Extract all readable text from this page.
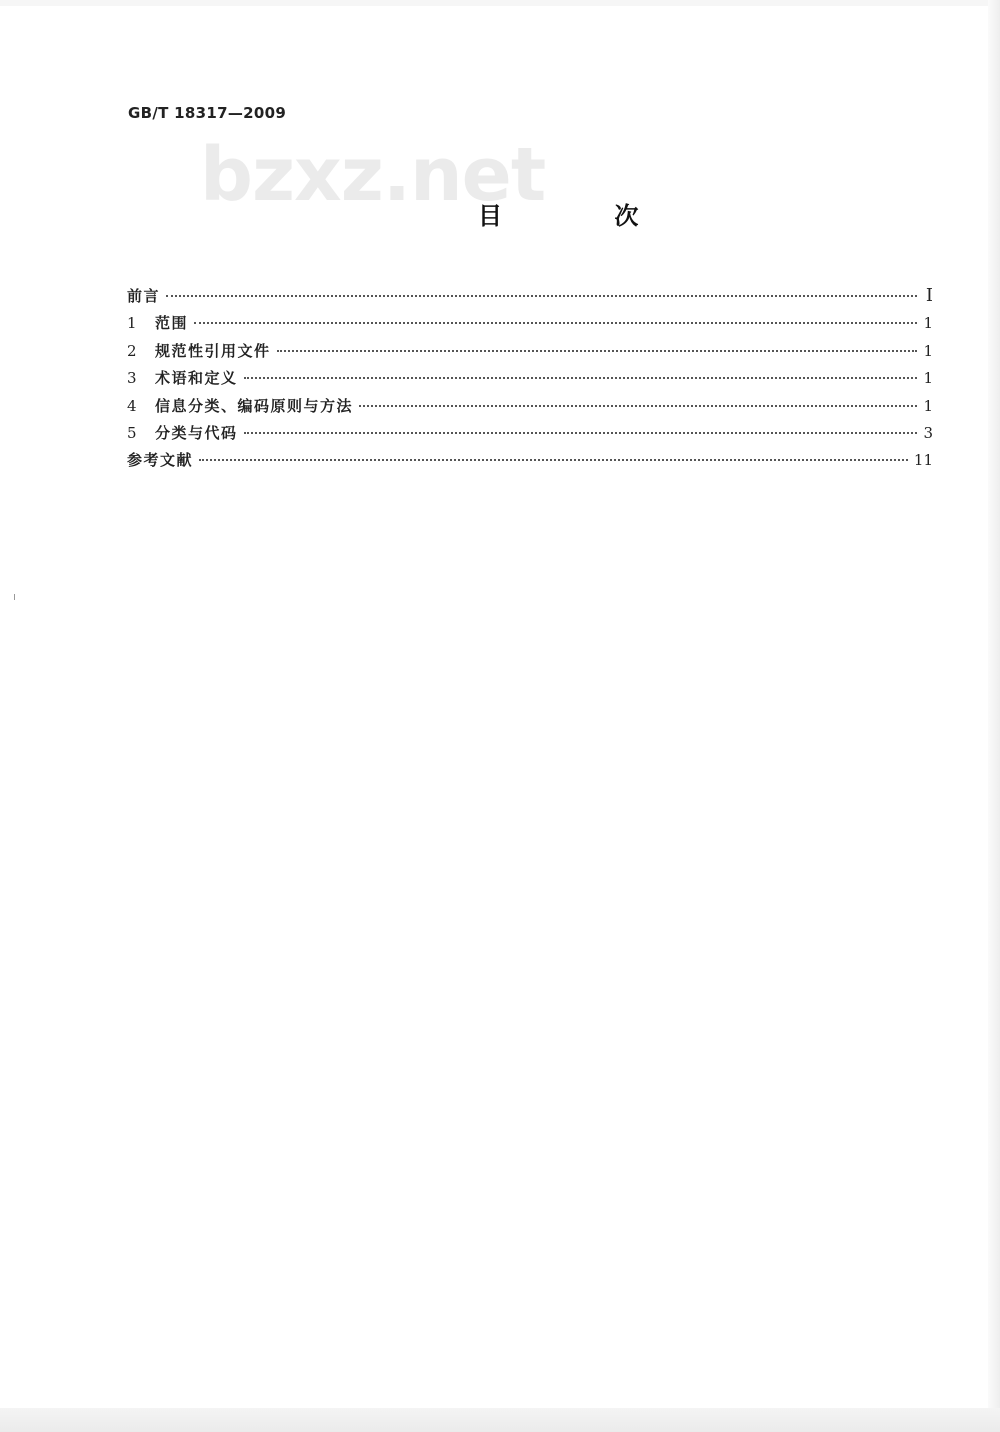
GB/T 18317—2009
bzxz.net
目 次
前言	I
1	范围	1
2	规范性引用文件	1
3	术语和定义	1
4	信息分类、编码原则与方法	1
5	分类与代码	3
参考文献	11
